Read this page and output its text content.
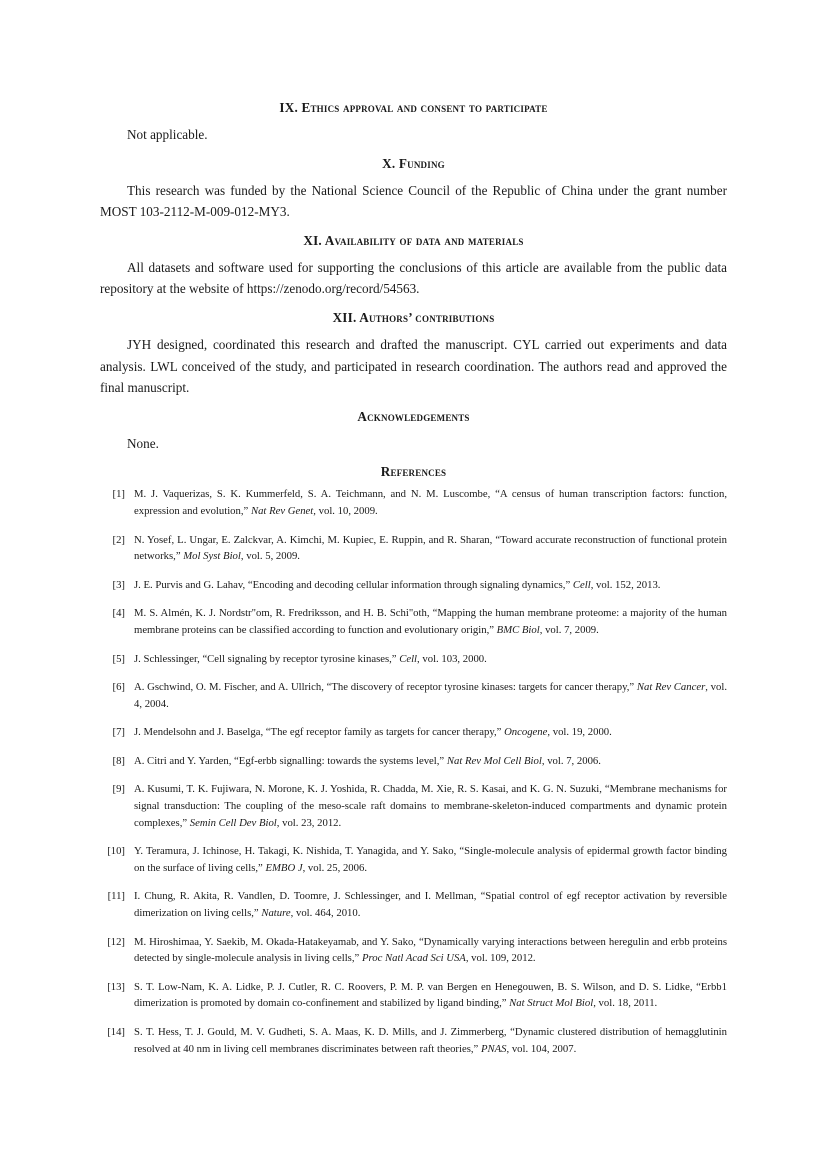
IX. Ethics approval and consent to participate

Not applicable.

X. Funding

This research was funded by the National Science Council of the Republic of China under the grant number MOST 103-2112-M-009-012-MY3.

XI. Availability of data and materials

All datasets and software used for supporting the conclusions of this article are available from the public data repository at the website of https://zenodo.org/record/54563.

XII. Authors’ contributions

JYH designed, coordinated this research and drafted the manuscript. CYL carried out experiments and data analysis. LWL conceived of the study, and participated in research coordination. The authors read and approved the final manuscript.

Acknowledgements

None.

References
[1] M. J. Vaquerizas, S. K. Kummerfeld, S. A. Teichmann, and N. M. Luscombe, “A census of human transcription factors: function, expression and evolution,” Nat Rev Genet, vol. 10, 2009.
[2] N. Yosef, L. Ungar, E. Zalckvar, A. Kimchi, M. Kupiec, E. Ruppin, and R. Sharan, “Toward accurate reconstruction of functional protein networks,” Mol Syst Biol, vol. 5, 2009.
[3] J. E. Purvis and G. Lahav, “Encoding and decoding cellular information through signaling dynamics,” Cell, vol. 152, 2013.
[4] M. S. Almén, K. J. Nordstr"om, R. Fredriksson, and H. B. Schi"oth, “Mapping the human membrane proteome: a majority of the human membrane proteins can be classified according to function and evolutionary origin,” BMC Biol, vol. 7, 2009.
[5] J. Schlessinger, “Cell signaling by receptor tyrosine kinases,” Cell, vol. 103, 2000.
[6] A. Gschwind, O. M. Fischer, and A. Ullrich, “The discovery of receptor tyrosine kinases: targets for cancer therapy,” Nat Rev Cancer, vol. 4, 2004.
[7] J. Mendelsohn and J. Baselga, “The egf receptor family as targets for cancer therapy,” Oncogene, vol. 19, 2000.
[8] A. Citri and Y. Yarden, “Egf-erbb signalling: towards the systems level,” Nat Rev Mol Cell Biol, vol. 7, 2006.
[9] A. Kusumi, T. K. Fujiwara, N. Morone, K. J. Yoshida, R. Chadda, M. Xie, R. S. Kasai, and K. G. N. Suzuki, “Membrane mechanisms for signal transduction: The coupling of the meso-scale raft domains to membrane-skeleton-induced compartments and dynamic protein complexes,” Semin Cell Dev Biol, vol. 23, 2012.
[10] Y. Teramura, J. Ichinose, H. Takagi, K. Nishida, T. Yanagida, and Y. Sako, “Single-molecule analysis of epidermal growth factor binding on the surface of living cells,” EMBO J, vol. 25, 2006.
[11] I. Chung, R. Akita, R. Vandlen, D. Toomre, J. Schlessinger, and I. Mellman, “Spatial control of egf receptor activation by reversible dimerization on living cells,” Nature, vol. 464, 2010.
[12] M. Hiroshimaa, Y. Saekib, M. Okada-Hatakeyamab, and Y. Sako, “Dynamically varying interactions between heregulin and erbb proteins detected by single-molecule analysis in living cells,” Proc Natl Acad Sci USA, vol. 109, 2012.
[13] S. T. Low-Nam, K. A. Lidke, P. J. Cutler, R. C. Roovers, P. M. P. van Bergen en Henegouwen, B. S. Wilson, and D. S. Lidke, “Erbb1 dimerization is promoted by domain co-confinement and stabilized by ligand binding,” Nat Struct Mol Biol, vol. 18, 2011.
[14] S. T. Hess, T. J. Gould, M. V. Gudheti, S. A. Maas, K. D. Mills, and J. Zimmerberg, “Dynamic clustered distribution of hemagglutinin resolved at 40 nm in living cell membranes discriminates between raft theories,” PNAS, vol. 104, 2007.
